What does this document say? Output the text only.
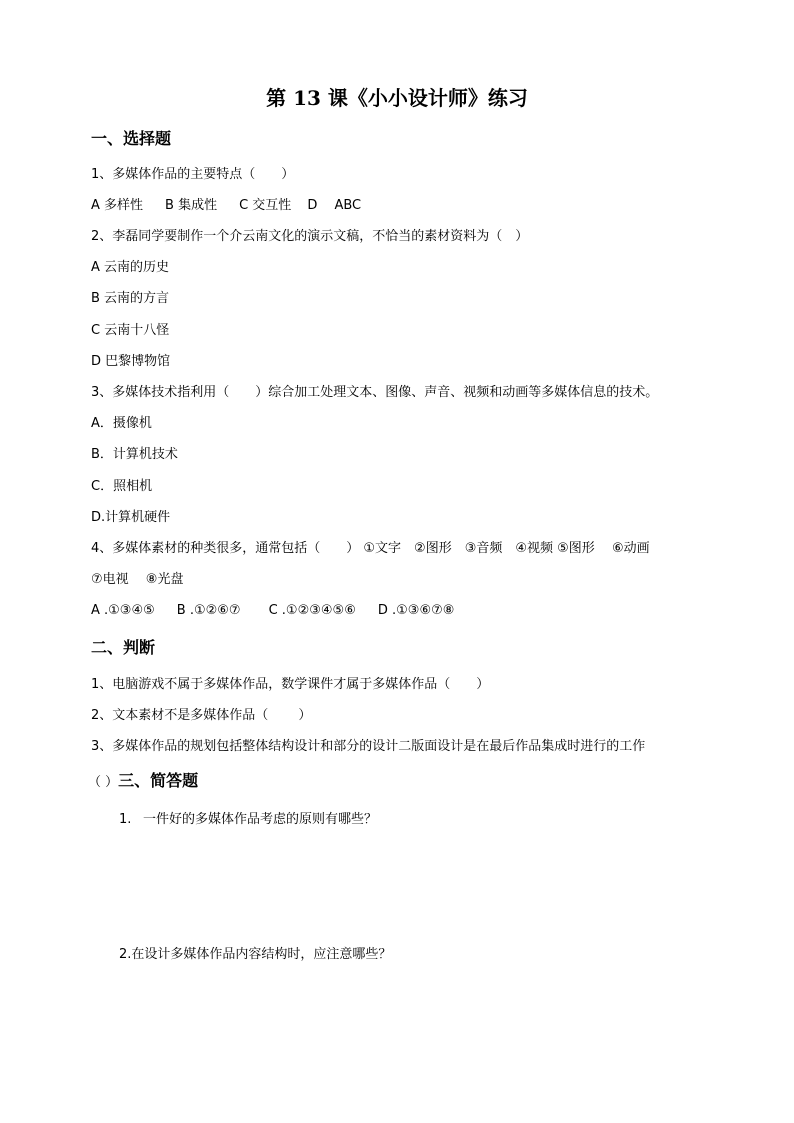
第 13 课《小小设计师》练习
一、选择题
1、多媒体作品的主要特点（　　）
A 多样性 B 集成性 C 交互性 D　 ABC
2、李磊同学要制作一个介云南文化的演示文稿，不恰当的素材资料为（　）
A 云南的历史
B 云南的方言
C 云南十八怪
D 巴黎博物馆
3、多媒体技术指利用（　　）综合加工处理文本、图像、声音、视频和动画等多媒体信息的技术。
A．摄像机
B．计算机技术
C．照相机
D.计算机硬件
4、多媒体素材的种类很多，通常包括（　　） ①文字　②图形　③音频　④视频 ⑤图形　 ⑥动画
⑦电视　 ⑧光盘
A .①③④⑤ B .①②⑥⑦ C .①②③④⑤⑥ D .①③⑥⑦⑧
二、判断
1、电脑游戏不属于多媒体作品，数学课件才属于多媒体作品（　　）
2、文本素材不是多媒体作品（　　 ）
3、多媒体作品的规划包括整体结构设计和部分的设计二版面设计是在最后作品集成时进行的工作
（ ）三、简答题
1. 一件好的多媒体作品考虑的原则有哪些？
2.在设计多媒体作品内容结构时，应注意哪些？
